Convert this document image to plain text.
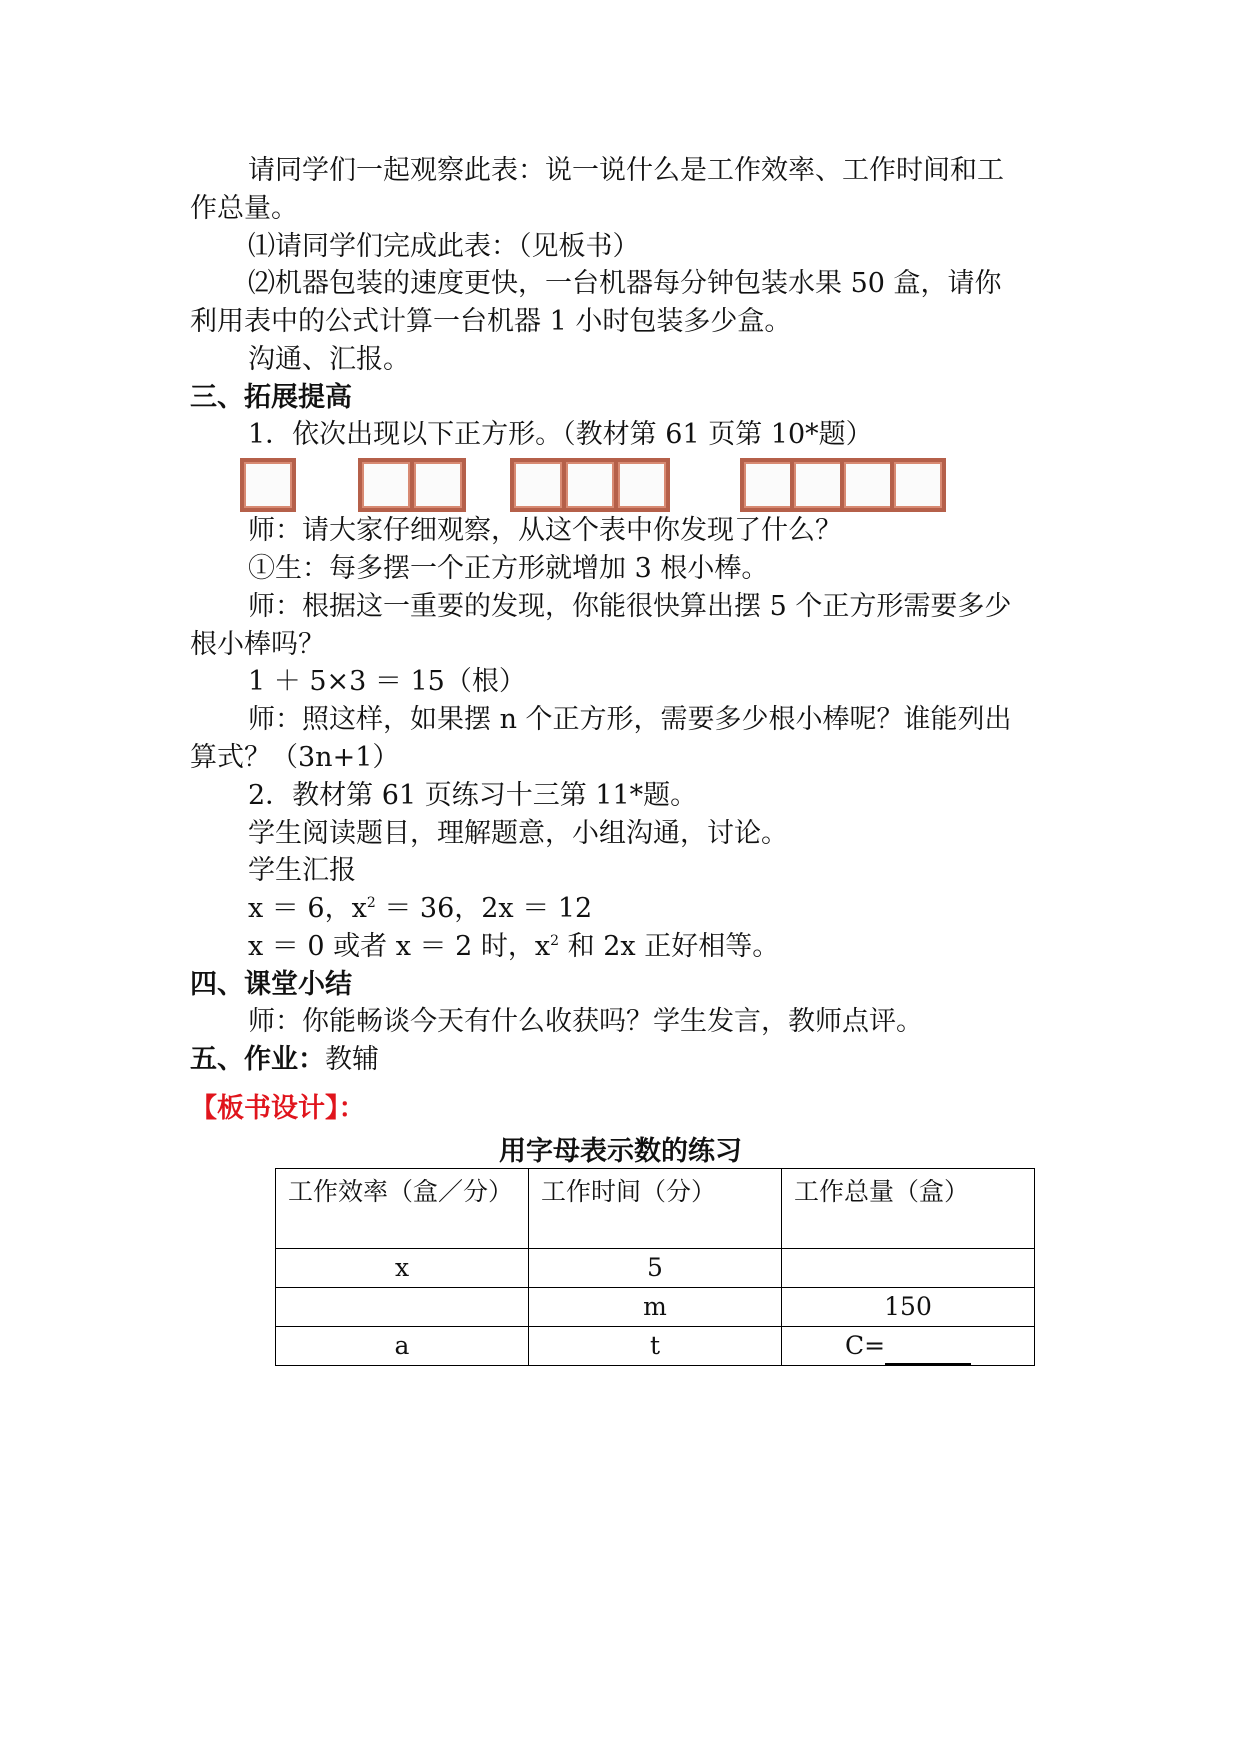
请同学们一起观察此表：说一说什么是工作效率、工作时间和工
作总量。
⑴请同学们完成此表：（见板书）
⑵机器包装的速度更快，一台机器每分钟包装水果 50 盒，请你
利用表中的公式计算一台机器 1 小时包装多少盒。
沟通、汇报。
三、拓展提高
1．依次出现以下正方形。（教材第 61 页第 10*题）
师：请大家仔细观察，从这个表中你发现了什么？
①生：每多摆一个正方形就增加 3 根小棒。
师：根据这一重要的发现，你能很快算出摆 5 个正方形需要多少
根小棒吗？
1 ＋ 5×3 ＝ 15（根）
师：照这样，如果摆 n 个正方形，需要多少根小棒呢？谁能列出
算式？（3n+1）
2．教材第 61 页练习十三第 11*题。
学生阅读题目，理解题意，小组沟通，讨论。
学生汇报
x ＝ 6，$x^2 = 36$，2x ＝ 12
x ＝ 0 或者 x ＝ 2 时，$x^2$ 和 2x 正好相等。
四、课堂小结
师：你能畅谈今天有什么收获吗？学生发言，教师点评。
五、作业：教辅
【板书设计】：
用字母表示数的练习
工作效率（盒／分）	工作时间（分）	工作总量（盒）
x	5	
	m	150
a	t	C=
